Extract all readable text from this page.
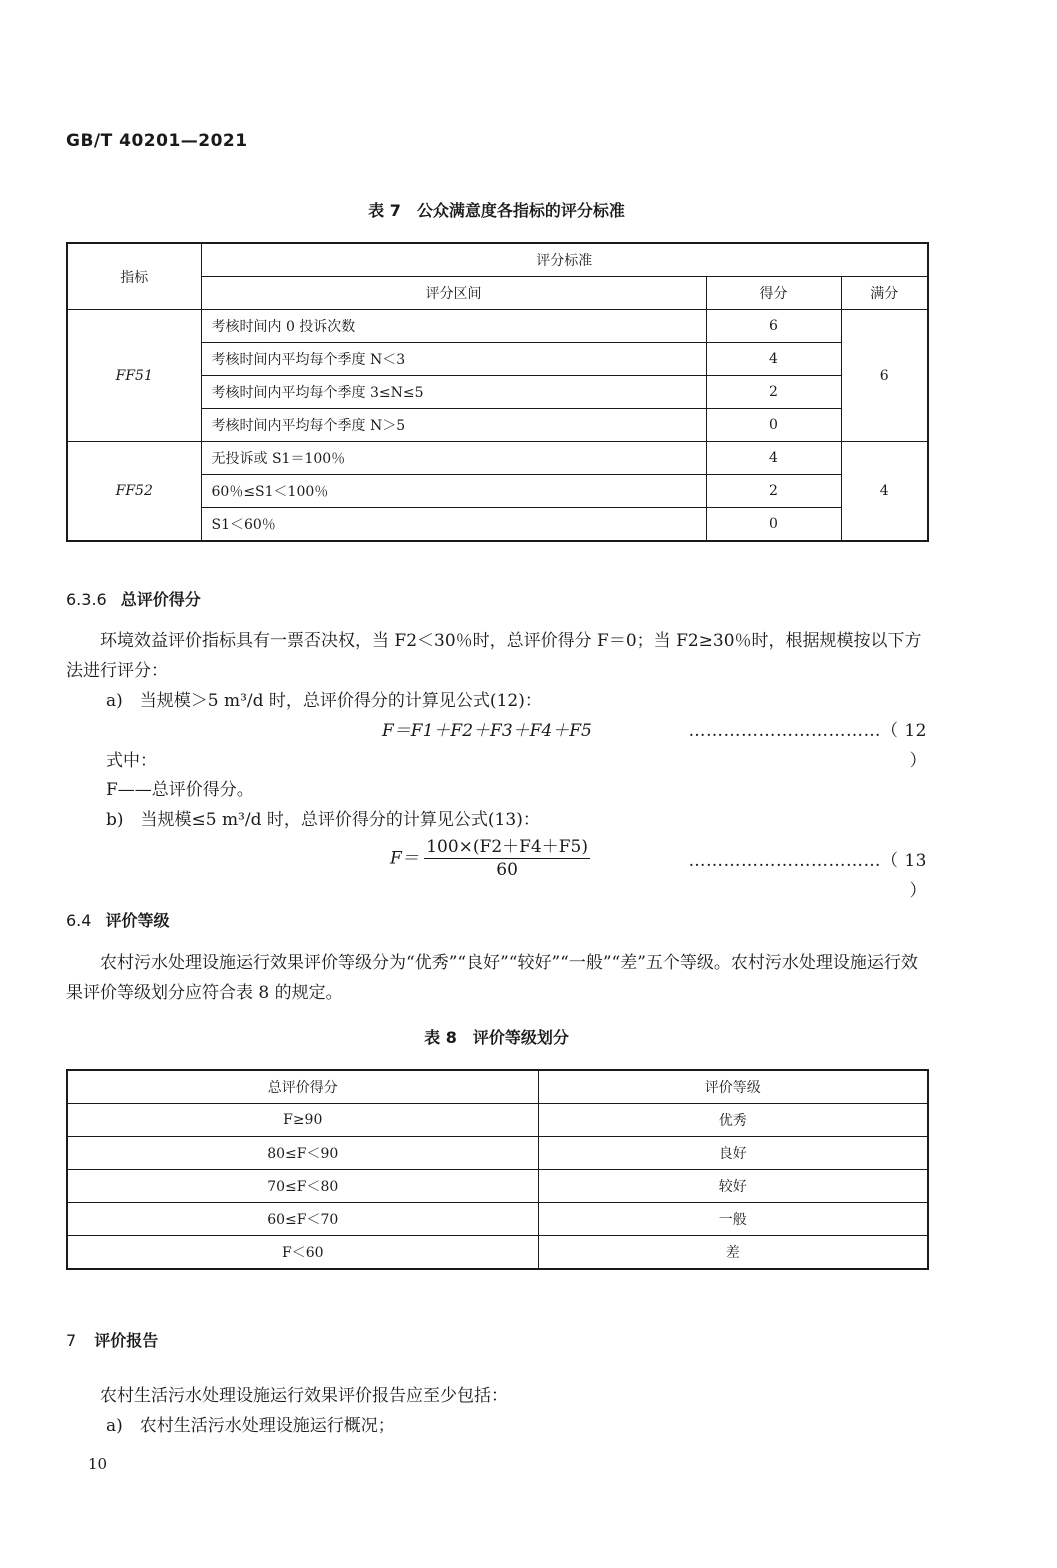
GB/T 40201—2021
表 7　公众满意度各指标的评分标准
指标	评分标准		
	评分区间	得分	满分
FF51	考核时间内 0 投诉次数	6	6
	考核时间内平均每个季度 N＜3	4	
	考核时间内平均每个季度 3≤N≤5	2	
	考核时间内平均每个季度 N＞5	0	
FF52	无投诉或 S1＝100％	4	4
	60％≤S1＜100％	2	
	S1＜60％	0	
6.3.6 总评价得分
环境效益评价指标具有一票否决权，当 F2＜30％时，总评价得分 F＝0；当 F2≥30％时，根据规模按以下方法进行评分：
a)　当规模＞5 m³/d 时，总评价得分的计算见公式(12)：
F＝F1＋F2＋F3＋F4＋F5	……………………………（ 12 ）
式中：
F——总评价得分。
b)　当规模≤5 m³/d 时，总评价得分的计算见公式(13)：
$F= \frac{100\times(F2+F4+F5)}{60}$	……………………………（ 13 ）
6.4 评价等级
农村污水处理设施运行效果评价等级分为“优秀”“良好”“较好”“一般”“差”五个等级。农村污水处理设施运行效果评价等级划分应符合表 8 的规定。
表 8　评价等级划分
总评价得分	评价等级
F≥90	优秀
80≤F＜90	良好
70≤F＜80	较好
60≤F＜70	一般
F＜60	差
7 评价报告
农村生活污水处理设施运行效果评价报告应至少包括：
a)　农村生活污水处理设施运行概况；
10
